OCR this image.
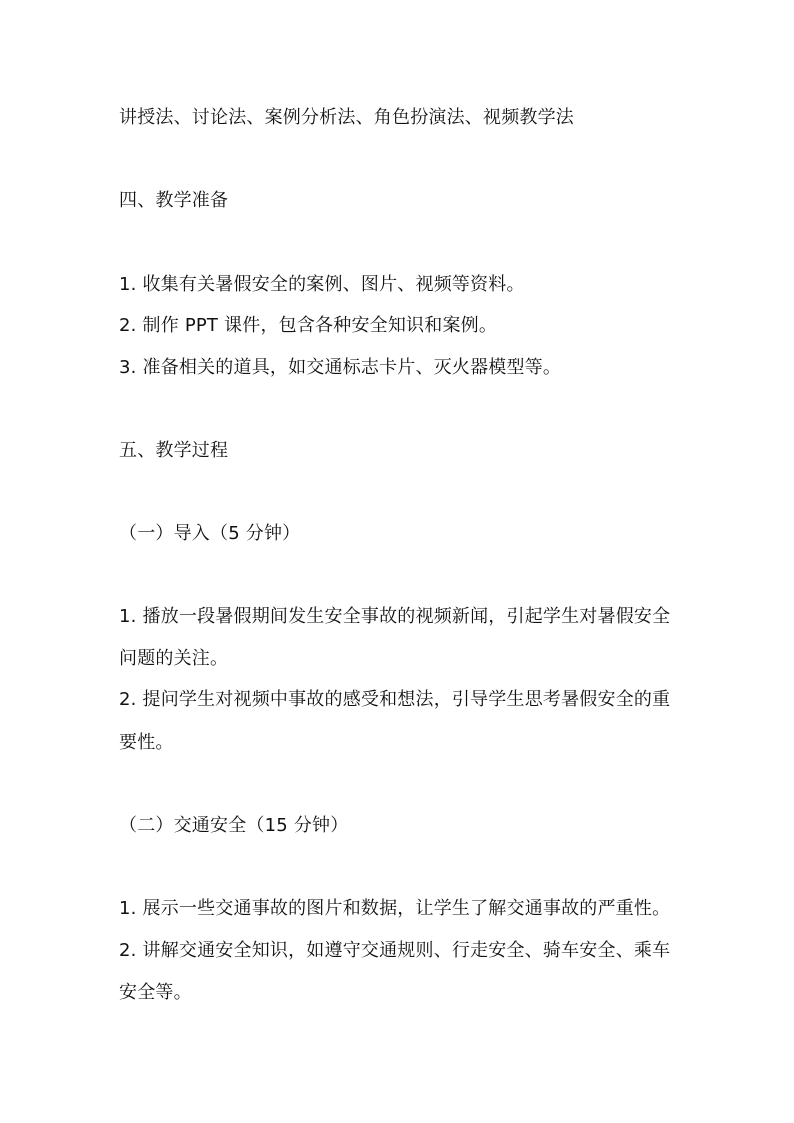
讲授法、讨论法、案例分析法、角色扮演法、视频教学法
四、教学准备
1. 收集有关暑假安全的案例、图片、视频等资料。
2. 制作 PPT 课件，包含各种安全知识和案例。
3. 准备相关的道具，如交通标志卡片、灭火器模型等。
五、教学过程
（一）导入（5 分钟）
1. 播放一段暑假期间发生安全事故的视频新闻，引起学生对暑假安全
问题的关注。
2. 提问学生对视频中事故的感受和想法，引导学生思考暑假安全的重
要性。
（二）交通安全（15 分钟）
1. 展示一些交通事故的图片和数据，让学生了解交通事故的严重性。
2. 讲解交通安全知识，如遵守交通规则、行走安全、骑车安全、乘车
安全等。
